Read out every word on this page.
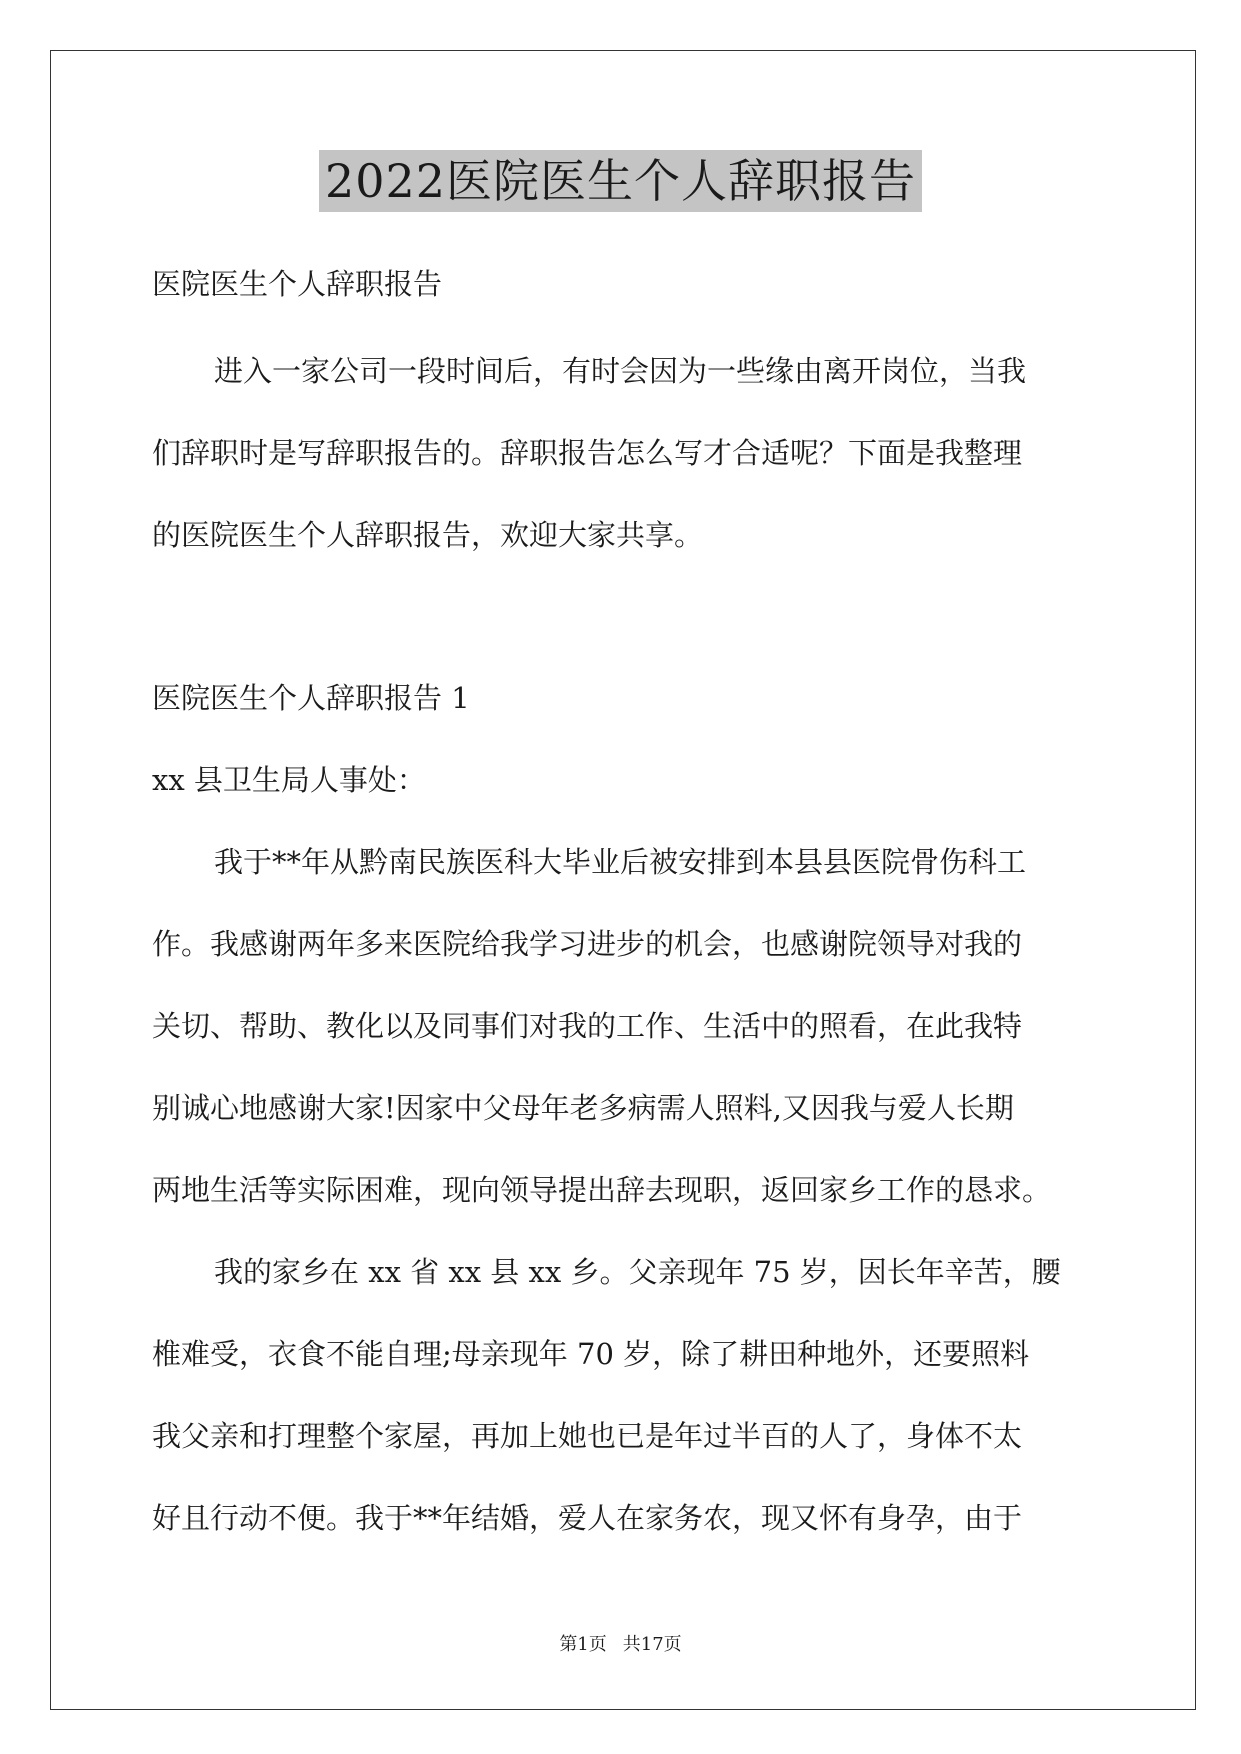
2022医院医生个人辞职报告

医院医生个人辞职报告

进入一家公司一段时间后，有时会因为一些缘由离开岗位，当我

们辞职时是写辞职报告的。辞职报告怎么写才合适呢？下面是我整理

的医院医生个人辞职报告，欢迎大家共享。

医院医生个人辞职报告 1

xx 县卫生局人事处：

我于**年从黔南民族医科大毕业后被安排到本县县医院骨伤科工

作。我感谢两年多来医院给我学习进步的机会，也感谢院领导对我的

关切、帮助、教化以及同事们对我的工作、生活中的照看，在此我特

别诚心地感谢大家!因家中父母年老多病需人照料,又因我与爱人长期

两地生活等实际困难，现向领导提出辞去现职，返回家乡工作的恳求。

我的家乡在 xx 省 xx 县 xx 乡。父亲现年 75 岁，因长年辛苦，腰

椎难受，衣食不能自理;母亲现年 70 岁，除了耕田种地外，还要照料

我父亲和打理整个家屋，再加上她也已是年过半百的人了，身体不太

好且行动不便。我于**年结婚，爱人在家务农，现又怀有身孕，由于

第1页 共17页
